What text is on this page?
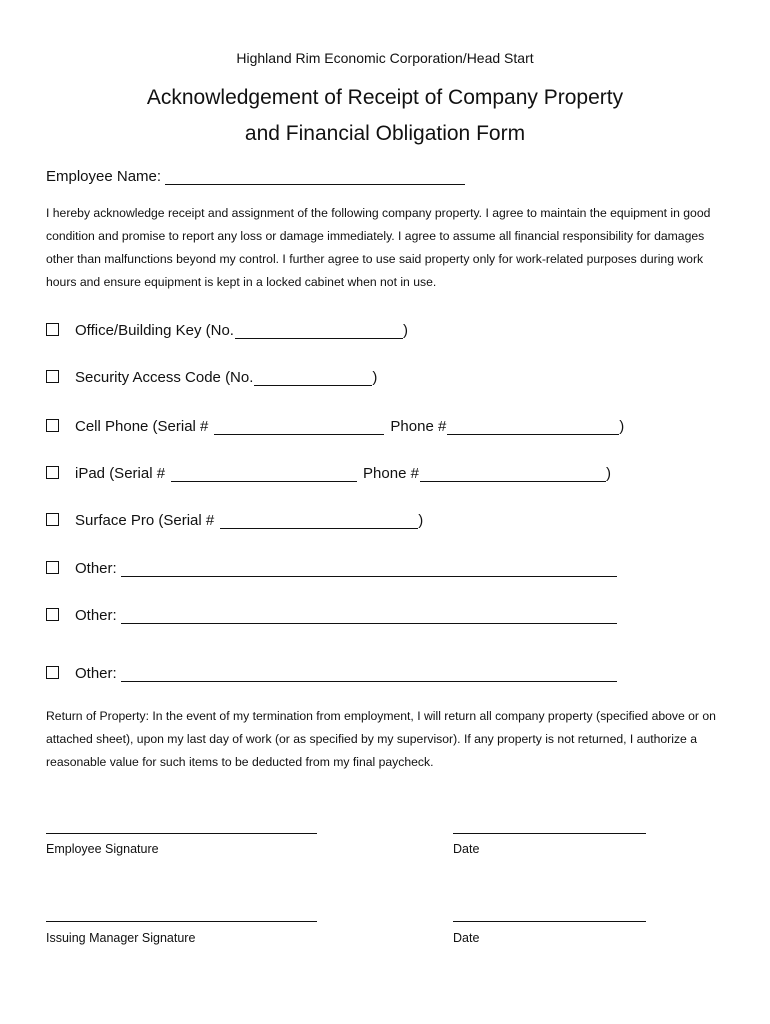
Highland Rim Economic Corporation/Head Start
Acknowledgement of Receipt of Company Property
and Financial Obligation Form
Employee Name:
I hereby acknowledge receipt and assignment of the following company property. I agree to maintain the equipment in good condition and promise to report any loss or damage immediately. I agree to assume all financial responsibility for damages other than malfunctions beyond my control. I further agree to use said property only for work-related purposes during work hours and ensure equipment is kept in a locked cabinet when not in use.
Office/Building Key (No.	)
Security Access Code (No.	)
Cell Phone (Serial #	Phone #	)
iPad (Serial #	Phone #	)
Surface Pro (Serial #	)
Other:
Other:
Other:
Return of Property: In the event of my termination from employment, I will return all company property (specified above or on attached sheet), upon my last day of work (or as specified by my supervisor). If any property is not returned, I authorize a reasonable value for such items to be deducted from my final paycheck.
Employee Signature	Date
Issuing Manager Signature	Date
